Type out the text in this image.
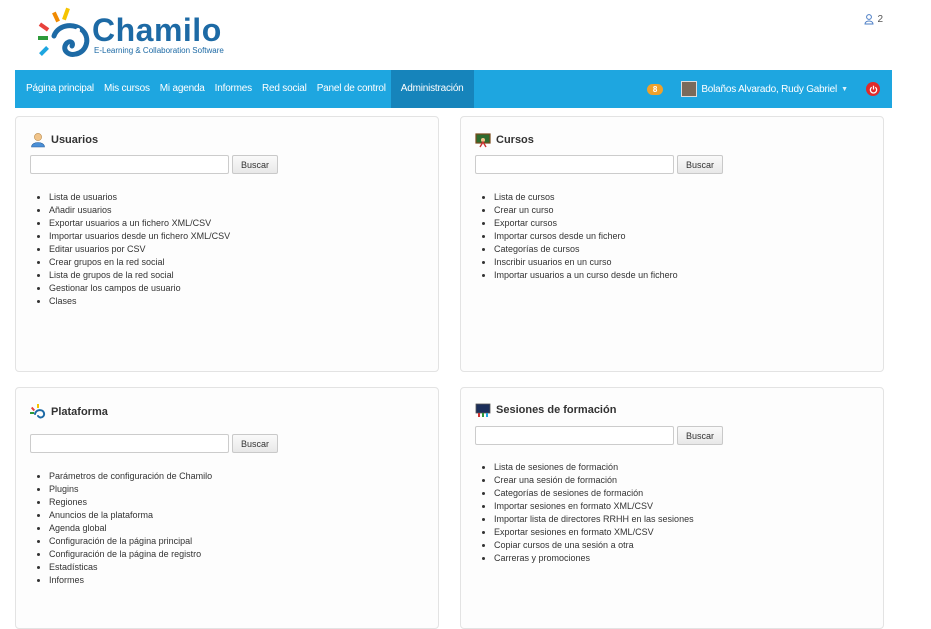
Chamilo
E-Learning & Collaboration Software
2
Página principal	Mis cursos	Mi agenda	Informes	Red social	Panel de control	Administración	8	Bolaños Alvarado, Rudy Gabriel ▼
Usuarios
Buscar
• Lista de usuarios
• Añadir usuarios
• Exportar usuarios a un fichero XML/CSV
• Importar usuarios desde un fichero XML/CSV
• Editar usuarios por CSV
• Crear grupos en la red social
• Lista de grupos de la red social
• Gestionar los campos de usuario
• Clases
Cursos
Buscar
• Lista de cursos
• Crear un curso
• Exportar cursos
• Importar cursos desde un fichero
• Categorías de cursos
• Inscribir usuarios en un curso
• Importar usuarios a un curso desde un fichero
Plataforma
Buscar
• Parámetros de configuración de Chamilo
• Plugins
• Regiones
• Anuncios de la plataforma
• Agenda global
• Configuración de la página principal
• Configuración de la página de registro
• Estadísticas
• Informes
Sesiones de formación
Buscar
• Lista de sesiones de formación
• Crear una sesión de formación
• Categorías de sesiones de formación
• Importar sesiones en formato XML/CSV
• Importar lista de directores RRHH en las sesiones
• Exportar sesiones en formato XML/CSV
• Copiar cursos de una sesión a otra
• Carreras y promociones
